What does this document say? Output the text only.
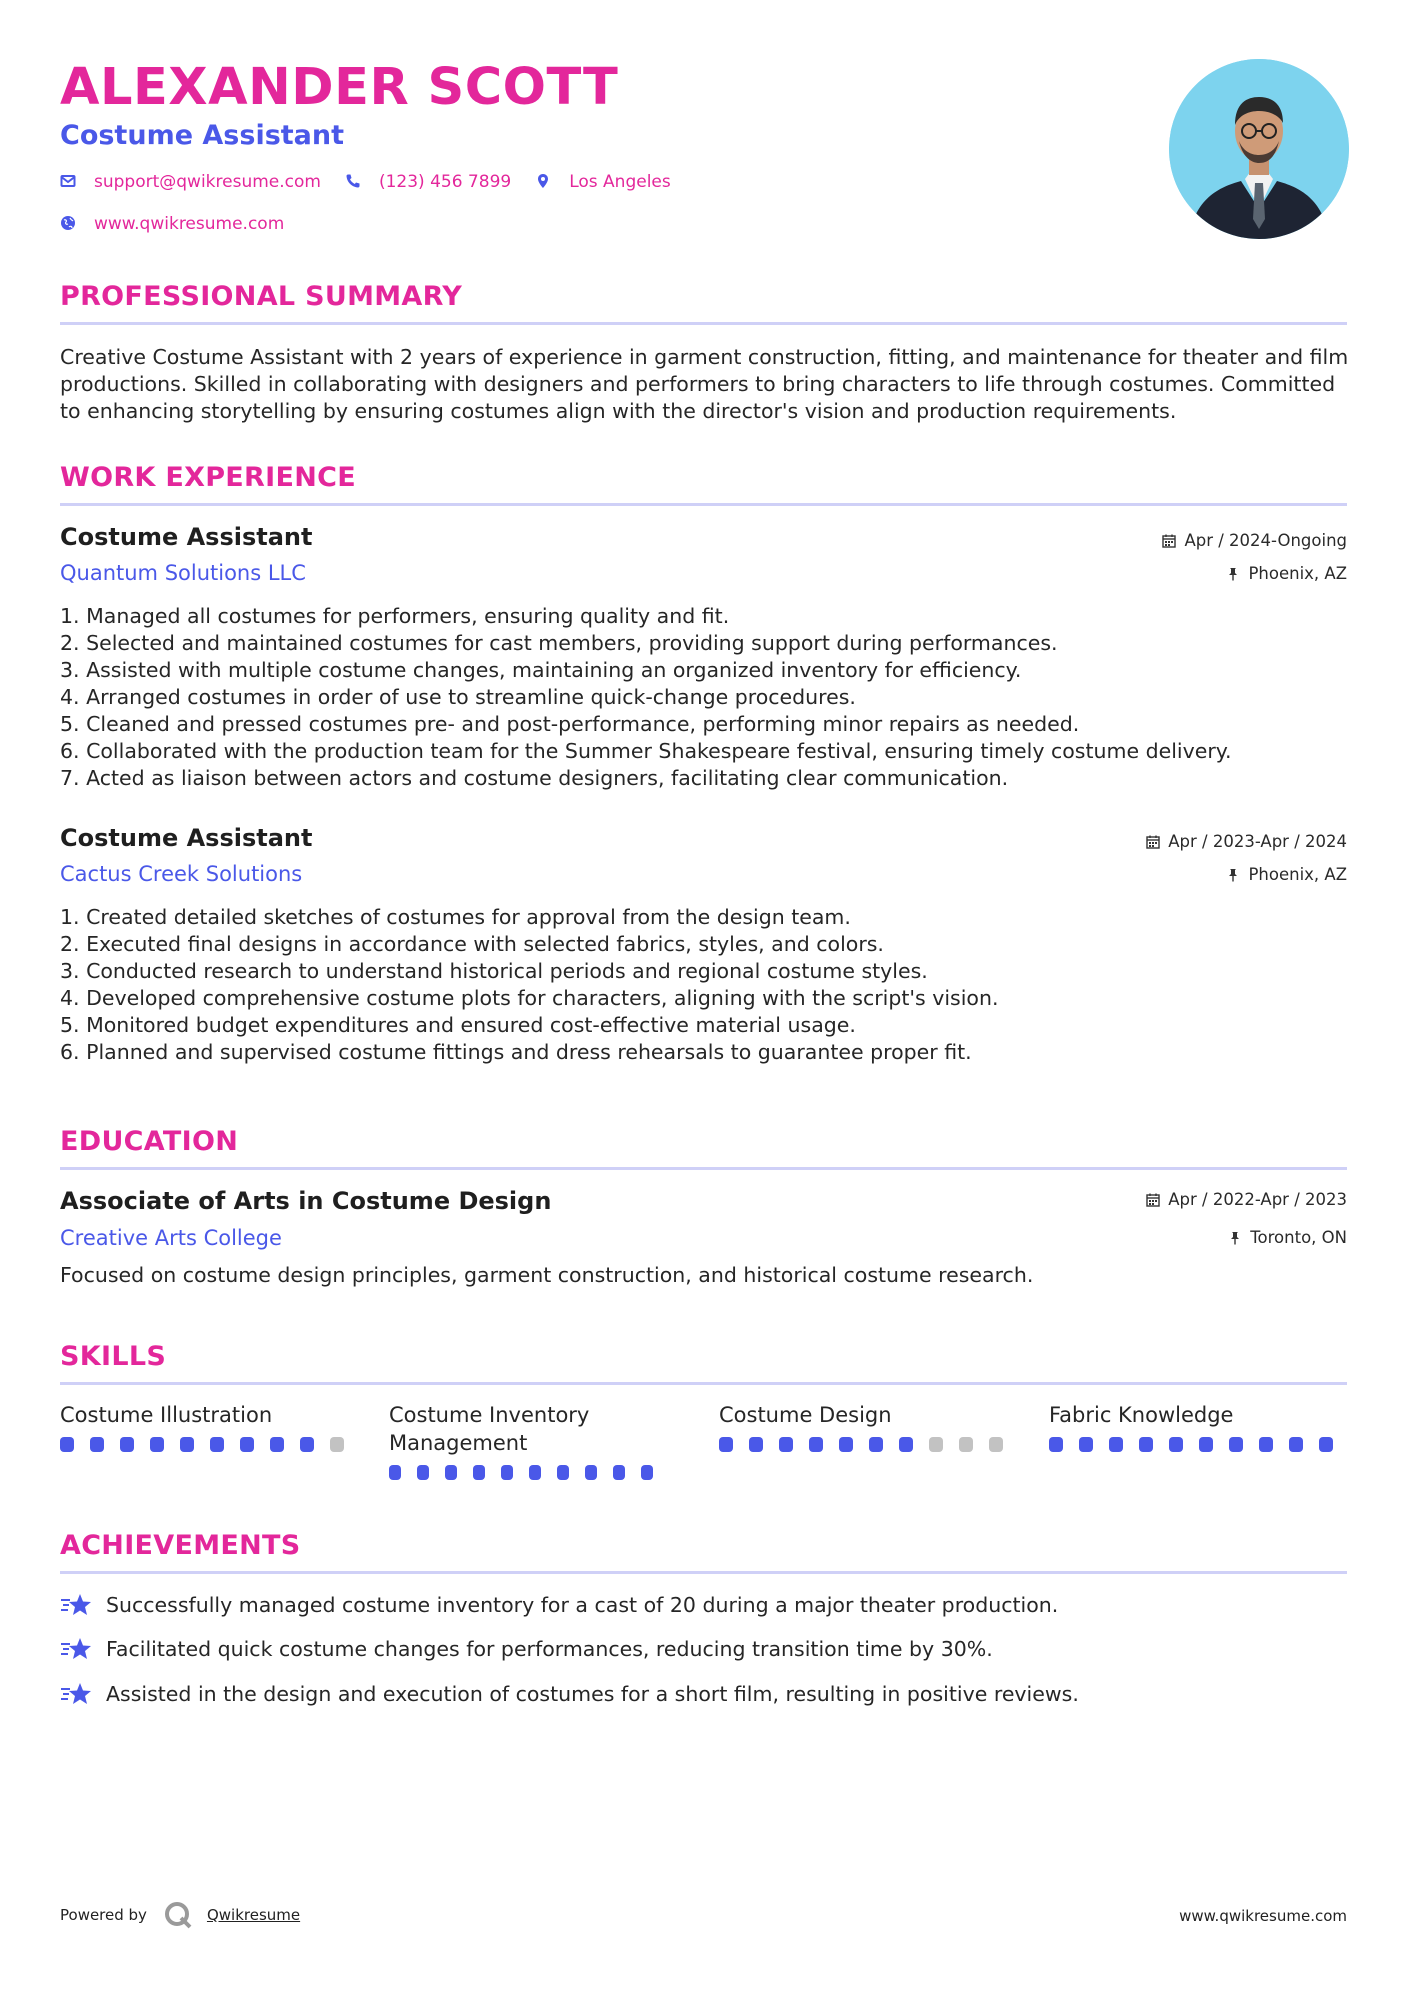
ALEXANDER SCOTT
Costume Assistant
support@qwikresume.com	(123) 456 7899	Los Angeles
www.qwikresume.com
PROFESSIONAL SUMMARY

Creative Costume Assistant with 2 years of experience in garment construction, fitting, and maintenance for theater and film productions. Skilled in collaborating with designers and performers to bring characters to life through costumes. Committed to enhancing storytelling by ensuring costumes align with the director's vision and production requirements.

WORK EXPERIENCE
Costume Assistant
Quantum Solutions LLC
Apr / 2024-Ongoing
Phoenix, AZ
1. Managed all costumes for performers, ensuring quality and fit.
2. Selected and maintained costumes for cast members, providing support during performances.
3. Assisted with multiple costume changes, maintaining an organized inventory for efficiency.
4. Arranged costumes in order of use to streamline quick-change procedures.
5. Cleaned and pressed costumes pre- and post-performance, performing minor repairs as needed.
6. Collaborated with the production team for the Summer Shakespeare festival, ensuring timely costume delivery.
7. Acted as liaison between actors and costume designers, facilitating clear communication.
Costume Assistant
Cactus Creek Solutions
Apr / 2023-Apr / 2024
Phoenix, AZ
1. Created detailed sketches of costumes for approval from the design team.
2. Executed final designs in accordance with selected fabrics, styles, and colors.
3. Conducted research to understand historical periods and regional costume styles.
4. Developed comprehensive costume plots for characters, aligning with the script's vision.
5. Monitored budget expenditures and ensured cost-effective material usage.
6. Planned and supervised costume fittings and dress rehearsals to guarantee proper fit.
EDUCATION
Associate of Arts in Costume Design
Creative Arts College
Apr / 2022-Apr / 2023
Toronto, ON

Focused on costume design principles, garment construction, and historical costume research.

SKILLS

Costume Illustration	Costume Inventory Management

Costume Design	Fabric Knowledge

ACHIEVEMENTS
Successfully managed costume inventory for a cast of 20 during a major theater production.
Facilitated quick costume changes for performances, reducing transition time by 30%.
Assisted in the design and execution of costumes for a short film, resulting in positive reviews.
Powered by	Qwikresume	www.qwikresume.com
